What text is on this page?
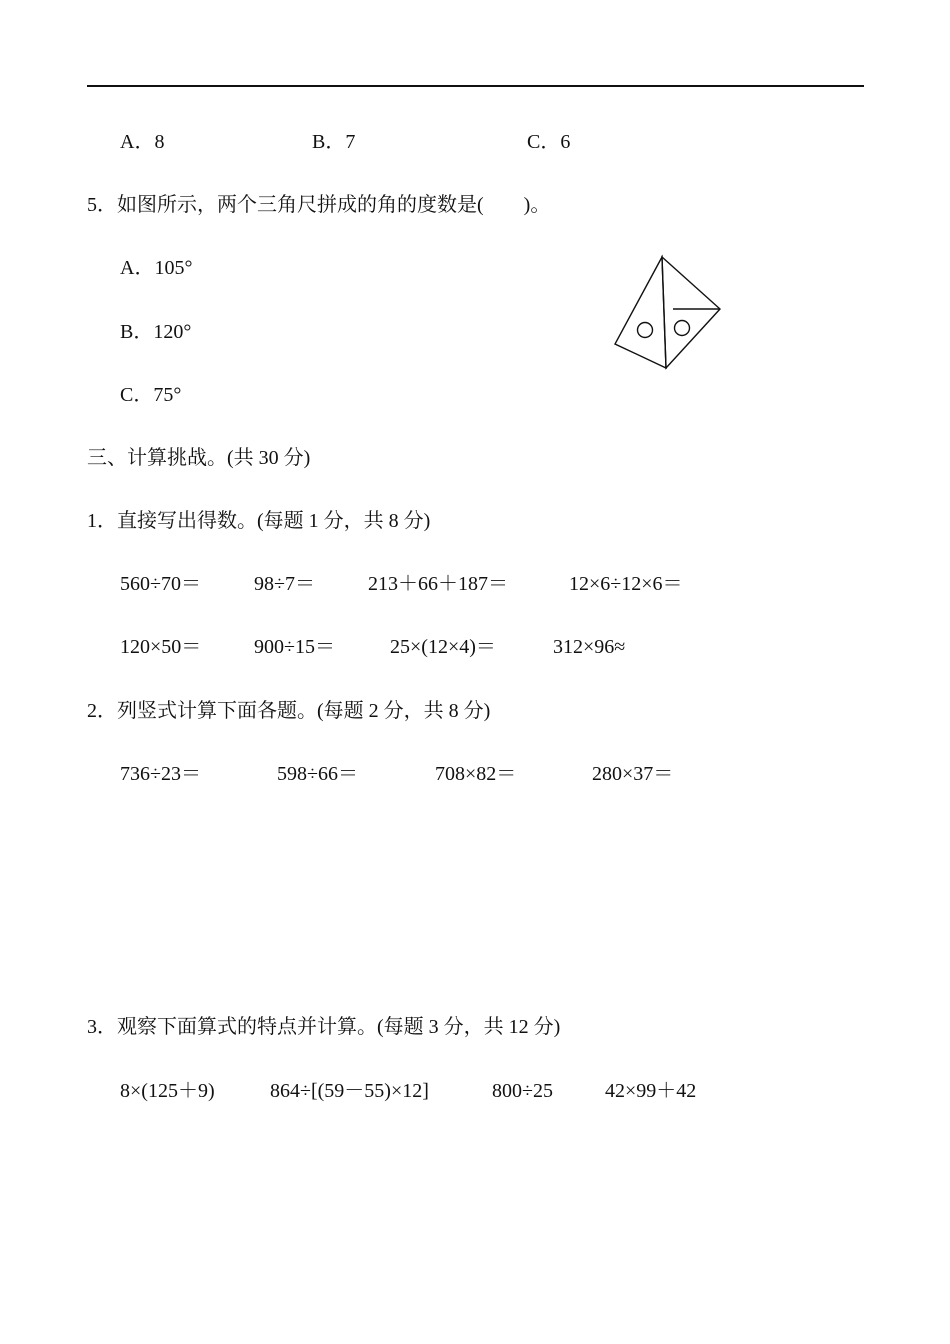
A．8	B．7	C．6
5．如图所示，两个三角尺拼成的角的度数是(　　)。
A．105°
B．120°
C．75°
三、计算挑战。(共 30 分)
1．直接写出得数。(每题 1 分，共 8 分)
560÷70＝	98÷7＝	213＋66＋187＝	12×6÷12×6＝
120×50＝	900÷15＝	25×(12×4)＝	312×96≈
2．列竖式计算下面各题。(每题 2 分，共 8 分)
736÷23＝	598÷66＝	708×82＝	280×37＝
3．观察下面算式的特点并计算。(每题 3 分，共 12 分)
8×(125＋9)	864÷[(59－55)×12]	800÷25	42×99＋42
